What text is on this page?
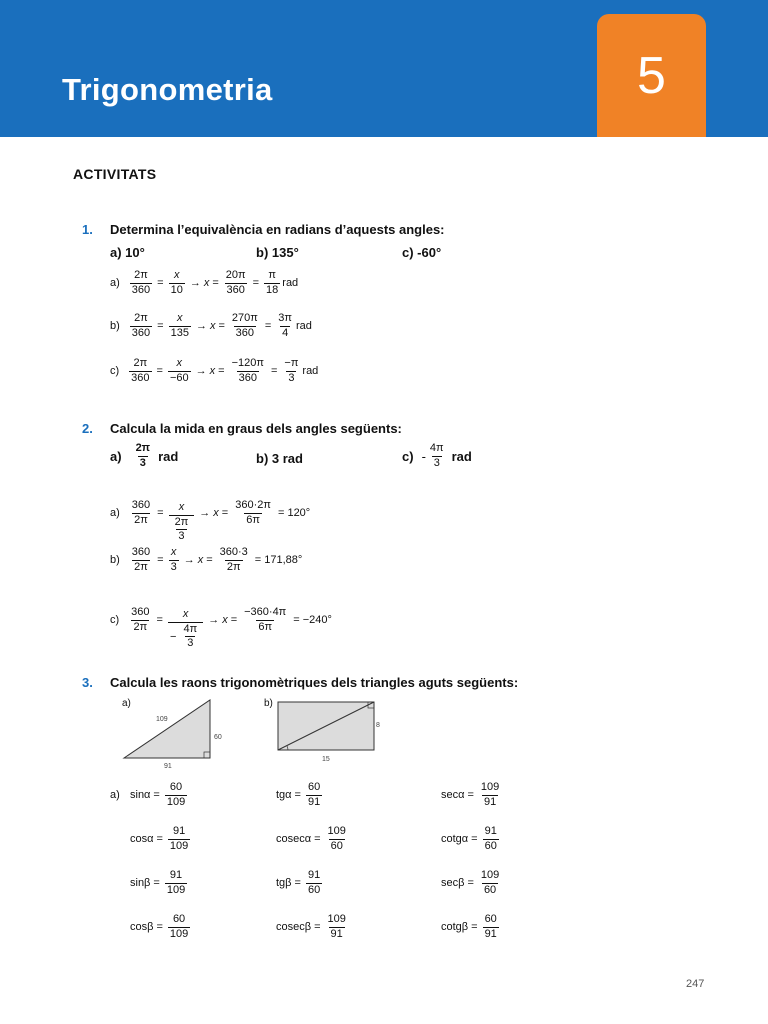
Trigonometria	5
ACTIVITATS
1. Determina l’equivalència en radians d’aquests angles:
a) 10°	b) 135°	c) -60°
$a) \frac{2\pi}{360} = \frac{x}{10} \to x = \frac{20\pi}{360} = \frac{\pi}{18}$ rad
$b) \frac{2\pi}{360} = \frac{x}{135} \to x = \frac{270\pi}{360} = \frac{3\pi}{4}$ rad
$c) \frac{2\pi}{360} = \frac{x}{-60} \to x = \frac{-120\pi}{360} = \frac{-\pi}{3}$ rad
2. Calcula la mida en graus dels angles següents:
$a) \frac{2\pi}{3}$ rad	b) 3 rad	$c) - \frac{4\pi}{3}$ rad
$a) \frac{360}{2\pi} = \frac{x}{\frac{2\pi}{3}} \to x = \frac{360\cdot 2\pi}{6\pi} = 120^\circ$
$b) \frac{360}{2\pi} = \frac{x}{3} \to x = \frac{360\cdot 3}{2\pi} = 171,88^\circ$
$c) \frac{360}{2\pi} = \frac{x}{- \frac{4\pi}{3}} \to x = \frac{-360\cdot 4\pi}{6\pi} = -240^\circ$
3. Calcula les raons trigonomètriques dels triangles aguts següents:
a)
109
60
91
b)
8
15
a) $\sin\alpha = \frac{60}{109}$	$tg\alpha = \frac{60}{91}$	$\sec\alpha = \frac{109}{91}$
$\cos\alpha = \frac{91}{109}$	$cosec\alpha = \frac{109}{60}$	$\cot g\alpha = \frac{91}{60}$
$\sin\beta = \frac{91}{109}$	$tg\beta = \frac{91}{60}$	$\sec\beta = \frac{109}{60}$
$\cos\beta = \frac{60}{109}$	$cosec\beta = \frac{109}{91}$	$\cot g\beta = \frac{60}{91}$
247
